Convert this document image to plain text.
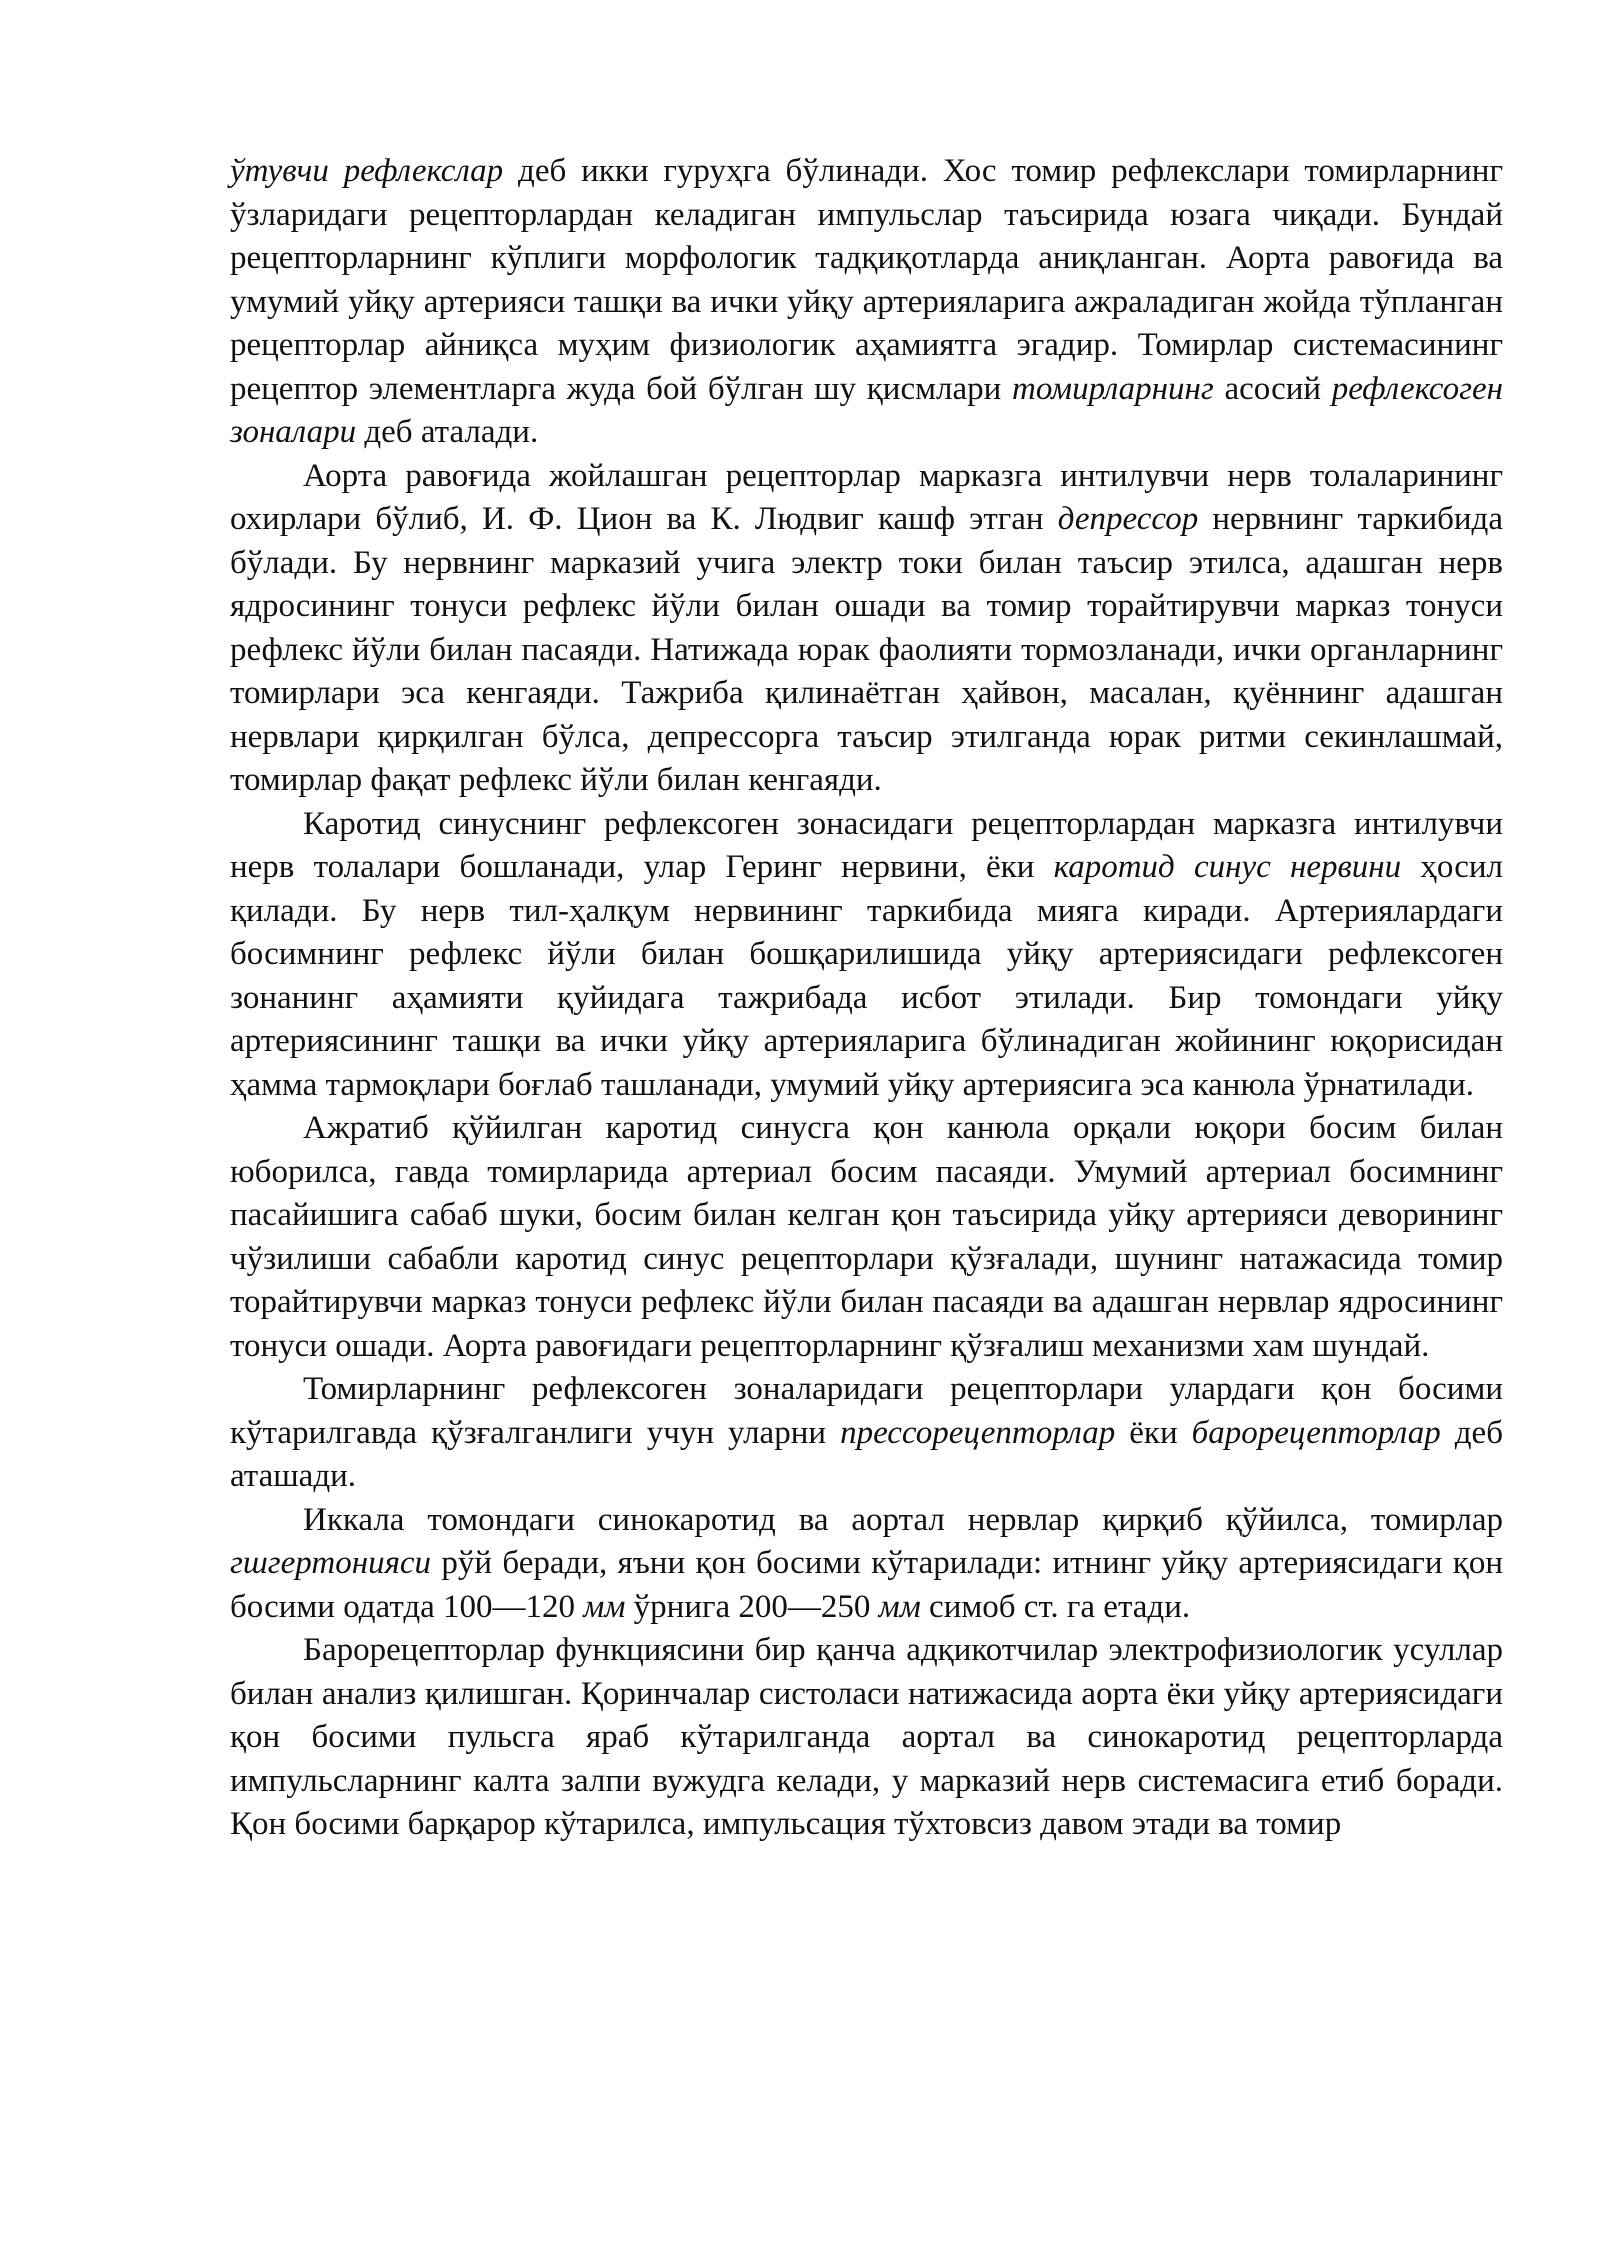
ўтувчи рефлекслар деб икки гуруҳга бўлинади. Хос томир рефлекслари томирларнинг ўзларидаги рецепторлардан келадиган импульслар таъсирида юзага чиқади. Бундай рецепторларнинг кўплиги морфологик тадқиқотларда аниқланган. Аорта равоғида ва умумий уйқу артерияси ташқи ва ички уйқу артерияларига ажраладиган жойда тўпланган рецепторлар айниқса муҳим физиологик аҳамиятга эгадир. Томирлар системасининг рецептор элементларга жуда бой бўлган шу қисмлари томирларнинг асосий рефлексоген зоналари деб аталади.

Аорта равоғида жойлашган рецепторлар марказга интилувчи нерв толаларининг охирлари бўлиб, И. Ф. Цион ва К. Людвиг кашф этган депрессор нервнинг таркибида бўлади. Бу нервнинг марказий учига электр токи билан таъсир этилса, адашган нерв ядросининг тонуси рефлекс йўли билан ошади ва томир торайтирувчи марказ тонуси рефлекс йўли билан пасаяди. Натижада юрак фаолияти тормозланади, ички органларнинг томирлари эса кенгаяди. Тажриба қилинаётган ҳайвон, масалан, қуённинг адашган нервлари қирқилган бўлса, депрессорга таъсир этилганда юрак ритми секинлашмай, томирлар фақат рефлекс йўли билан кенгаяди.

Каротид синуснинг рефлексоген зонасидаги рецепторлардан марказга интилувчи нерв толалари бошланади, улар Геринг нервини, ёки каротид синус нервини ҳосил қилади. Бу нерв тил-ҳалқум нервининг таркибида мияга киради. Артериялардаги босимнинг рефлекс йўли билан бошқарилишида уйқу артериясидаги рефлексоген зонанинг аҳамияти қуйидагa тажрибада исбот этилади. Бир томондаги уйқу артериясининг ташқи ва ички уйқу артерияларига бўлинадиган жойининг юқорисидан ҳамма тармоқлари боғлаб ташланади, умумий уйқу артериясига эса канюла ўрнатилади.

Ажратиб қўйилган каротид синусга қон канюла орқали юқори босим билан юборилса, гавда томирларида артериал босим пасаяди. Умумий артериал босимнинг пасайишига сабаб шуки, босим билан келган қон таъсирида уйқу артерияси деворининг чўзилиши сабабли каротид синус рецепторлари қўзғалади, шунинг натажасида томир торайтирувчи марказ тонуси рефлекс йўли билан пасаяди ва адашган нервлар ядросининг тонуси ошади. Аорта равоғидаги рецепторларнинг қўзғалиш механизми хам шундай.

Томирларнинг рефлексоген зоналаридаги рецепторлари улардаги қон босими кўтарилгавда қўзғалганлиги учун уларни прессорецепторлар ёки барорецепторлар деб аташади.

Иккала томондаги синокаротид ва аортал нервлар қирқиб қўйилса, томирлар гшгертонияси рўй беради, яъни қон босими кўтарилади: итнинг уйқу артериясидаги қон босими одатда 100—120 мм ўрнига 200—250 мм симоб ст. га етади.

Барорецепторлар функциясини бир қанча адқикотчилар электрофизиологик усуллар билан анализ қилишган. Қоринчалар систоласи натижасида аорта ёки уйқу артериясидаги қон босими пульсга яраб кўтарилганда аортал ва синокаротид рецепторларда импульсларнинг калта залпи вужудга келади, у марказий нерв системасига етиб боради. Қон босими барқарор кўтарилса, импульсация тўхтовсиз давом этади ва томир
